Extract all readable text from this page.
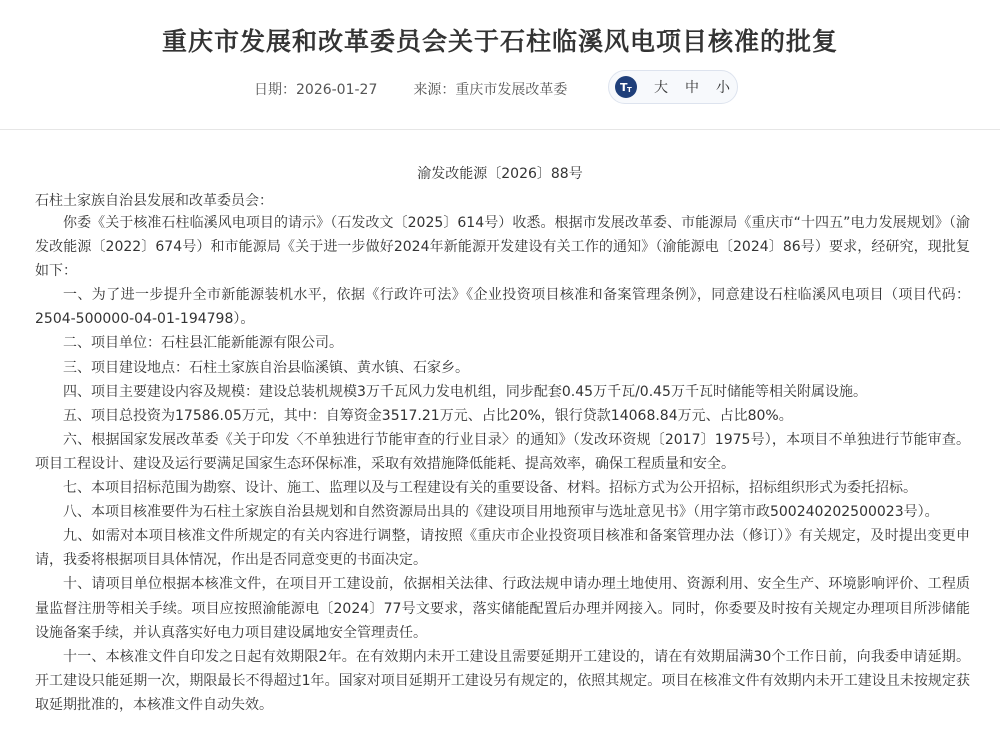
重庆市发展和改革委员会关于石柱临溪风电项目核准的批复
日期：2026-01-27	来源：重庆市发展改革委	T T 大 中 小
渝发改能源〔2026〕88号
石柱土家族自治县发展和改革委员会：

你委《关于核准石柱临溪风电项目的请示》（石发改文〔2025〕614号）收悉。根据市发展改革委、市能源局《重庆市“十四五”电力发展规划》（渝发改能源〔2022〕674号）和市能源局《关于进一步做好2024年新能源开发建设有关工作的通知》（渝能源电〔2024〕86号）要求，经研究，现批复如下：

一、为了进一步提升全市新能源装机水平，依据《行政许可法》《企业投资项目核准和备案管理条例》，同意建设石柱临溪风电项目（项目代码：2504-500000-04-01-194798）。

二、项目单位：石柱县汇能新能源有限公司。

三、项目建设地点：石柱土家族自治县临溪镇、黄水镇、石家乡。

四、项目主要建设内容及规模：建设总装机规模3万千瓦风力发电机组，同步配套0.45万千瓦/0.45万千瓦时储能等相关附属设施。

五、项目总投资为17586.05万元，其中：自筹资金3517.21万元、占比20%，银行贷款14068.84万元、占比80%。

六、根据国家发展改革委《关于印发〈不单独进行节能审查的行业目录〉的通知》（发改环资规〔2017〕1975号），本项目不单独进行节能审查。项目工程设计、建设及运行要满足国家生态环保标准，采取有效措施降低能耗、提高效率，确保工程质量和安全。

七、本项目招标范围为勘察、设计、施工、监理以及与工程建设有关的重要设备、材料。招标方式为公开招标，招标组织形式为委托招标。

八、本项目核准要件为石柱土家族自治县规划和自然资源局出具的《建设项目用地预审与选址意见书》（用字第市政500240202500023号）。

九、如需对本项目核准文件所规定的有关内容进行调整，请按照《重庆市企业投资项目核准和备案管理办法（修订）》有关规定，及时提出变更申请，我委将根据项目具体情况，作出是否同意变更的书面决定。

十、请项目单位根据本核准文件，在项目开工建设前，依据相关法律、行政法规申请办理土地使用、资源利用、安全生产、环境影响评价、工程质量监督注册等相关手续。项目应按照渝能源电〔2024〕77号文要求，落实储能配置后办理并网接入。同时，你委要及时按有关规定办理项目所涉储能设施备案手续，并认真落实好电力项目建设属地安全管理责任。

十一、本核准文件自印发之日起有效期限2年。在有效期内未开工建设且需要延期开工建设的，请在有效期届满30个工作日前，向我委申请延期。开工建设只能延期一次，期限最长不得超过1年。国家对项目延期开工建设另有规定的，依照其规定。项目在核准文件有效期内未开工建设且未按规定获取延期批准的，本核准文件自动失效。
